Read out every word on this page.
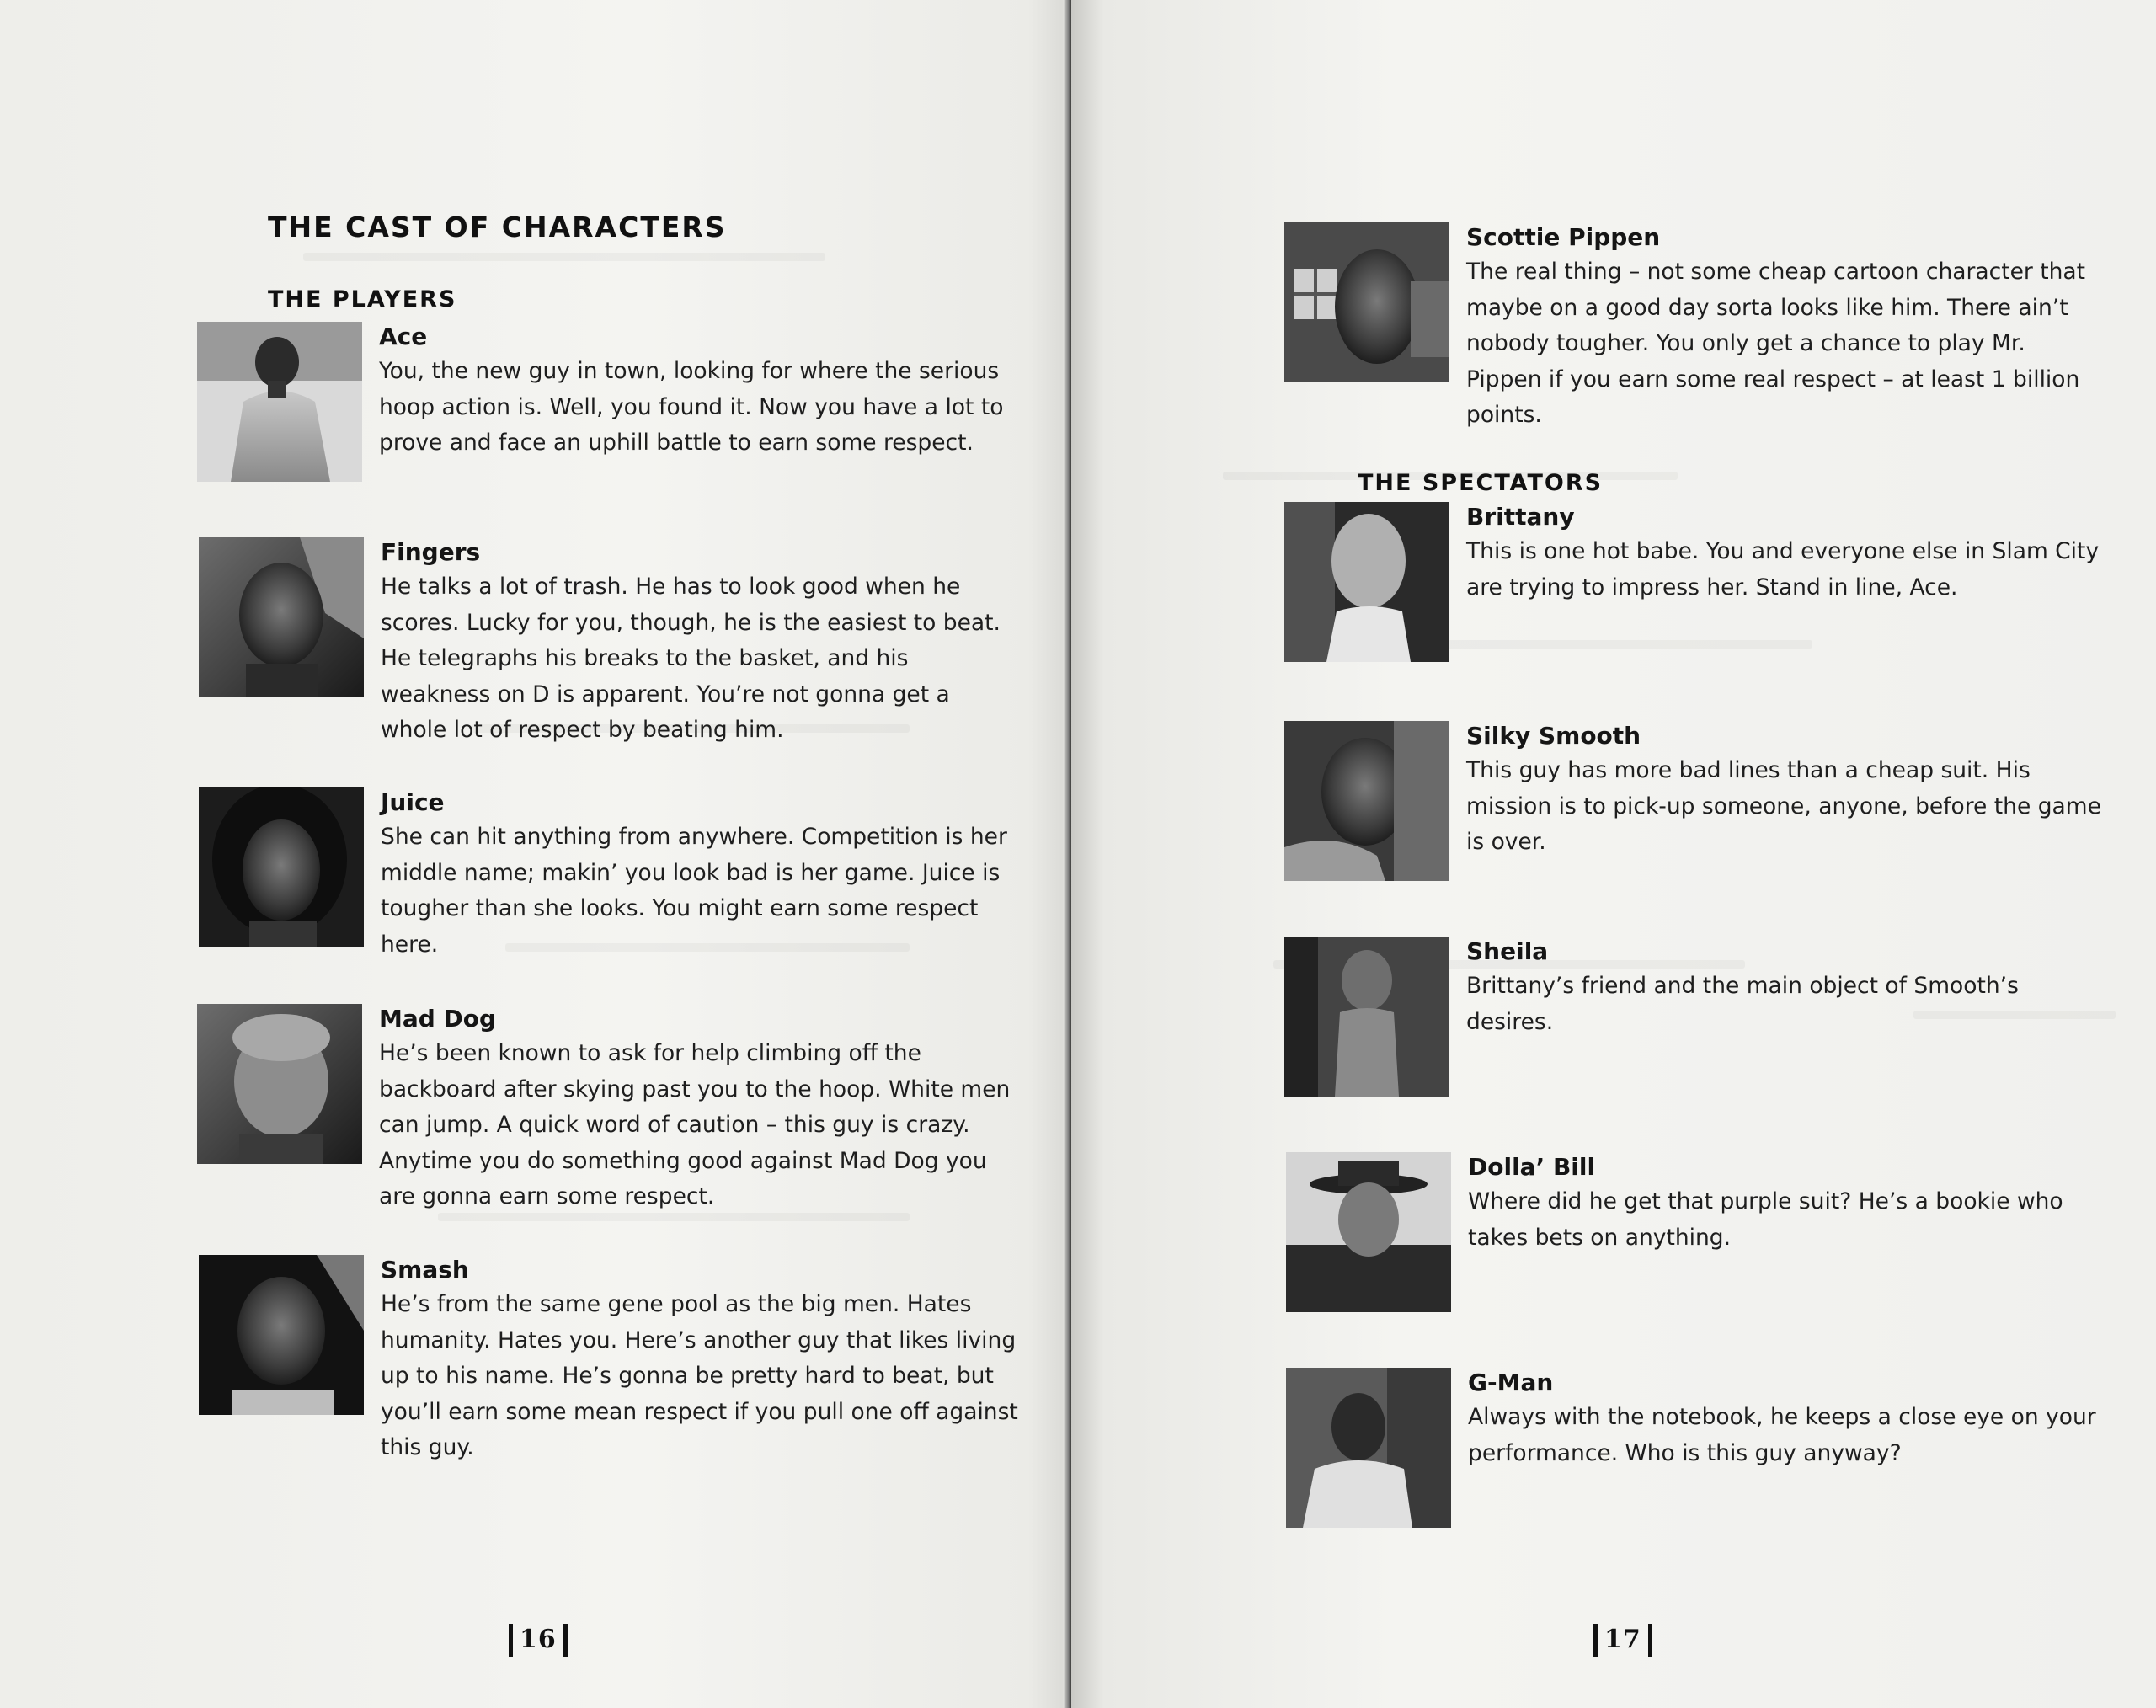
THE CAST OF CHARACTERS
THE PLAYERS

Ace

You, the new guy in town, looking for where the serious hoop action is. Well, you found it. Now you have a lot to prove and face an uphill battle to earn some respect.

Fingers

He talks a lot of trash. He has to look good when he scores. Lucky for you, though, he is the easiest to beat. He telegraphs his breaks to the basket, and his weakness on D is apparent. You’re not gonna get a whole lot of respect by beating him.

Juice

She can hit anything from anywhere. Competition is her middle name; makin’ you look bad is her game. Juice is tougher than she looks. You might earn some respect here.

Mad Dog

He’s been known to ask for help climbing off the backboard after skying past you to the hoop. White men can jump. A quick word of caution – this guy is crazy. Anytime you do something good against Mad Dog you are gonna earn some respect.

Smash

He’s from the same gene pool as the big men. Hates humanity. Hates you. Here’s another guy that likes living up to his name. He’s gonna be pretty hard to beat, but you’ll earn some mean respect if you pull one off against this guy.

16

Scottie Pippen

The real thing – not some cheap cartoon character that maybe on a good day sorta looks like him. There ain’t nobody tougher. You only get a chance to play Mr. Pippen if you earn some real respect – at least 1 billion points.

THE SPECTATORS

Brittany

This is one hot babe. You and everyone else in Slam City are trying to impress her. Stand in line, Ace.

Silky Smooth

This guy has more bad lines than a cheap suit. His mission is to pick-up someone, anyone, before the game is over.

Sheila

Brittany’s friend and the main object of Smooth’s desires.

Dolla’ Bill

Where did he get that purple suit? He’s a bookie who takes bets on anything.

G-Man

Always with the notebook, he keeps a close eye on your performance. Who is this guy anyway?

17
